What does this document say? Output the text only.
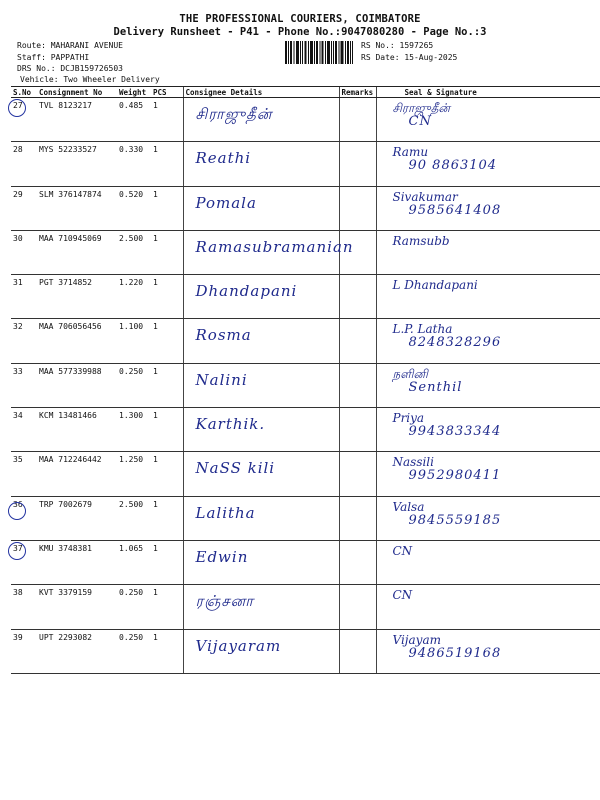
THE PROFESSIONAL COURIERS, COIMBATORE
Delivery Runsheet - P41 - Phone No.:9047080280 - Page No.:3
Route: MAHARANI AVENUE
Staff: PAPPATHI
DRS No.: DCJB159726503
Vehicle: Two Wheeler Delivery
RS No.: 1597265
RS Date: 15-Aug-2025
S.No	Consignment No	Weight	PCS	Consignee Details	Remarks	Seal & Signature
27	TVL 8123217	0.485	1	சிராஜுதீன்		சிராஜுதீன்
CN

28	MYS 52233527	0.330	1	Reathi		Ramu
90 8863104

29	SLM 376147874	0.520	1	Pomala		Sivakumar
9585641408

30	MAA 710945069	2.500	1	Ramasubramanian		Ramsubb

31	PGT 3714852	1.220	1	Dhandapani		L Dhandapani

32	MAA 706056456	1.100	1	Rosma		L.P. Latha
8248328296

33	MAA 577339988	0.250	1	Nalini		நளினி
Senthil

34	KCM 13481466	1.300	1	Karthik.		Priya
9943833344

35	MAA 712246442	1.250	1	NaSS kili		Nassili
9952980411

36	TRP 7002679	2.500	1	Lalitha		Valsa
9845559185

37	KMU 3748381	1.065	1	Edwin		CN

38	KVT 3379159	0.250	1	ரஞ்சனா		CN

39	UPT 2293082	0.250	1	Vijayaram		Vijayam
9486519168
